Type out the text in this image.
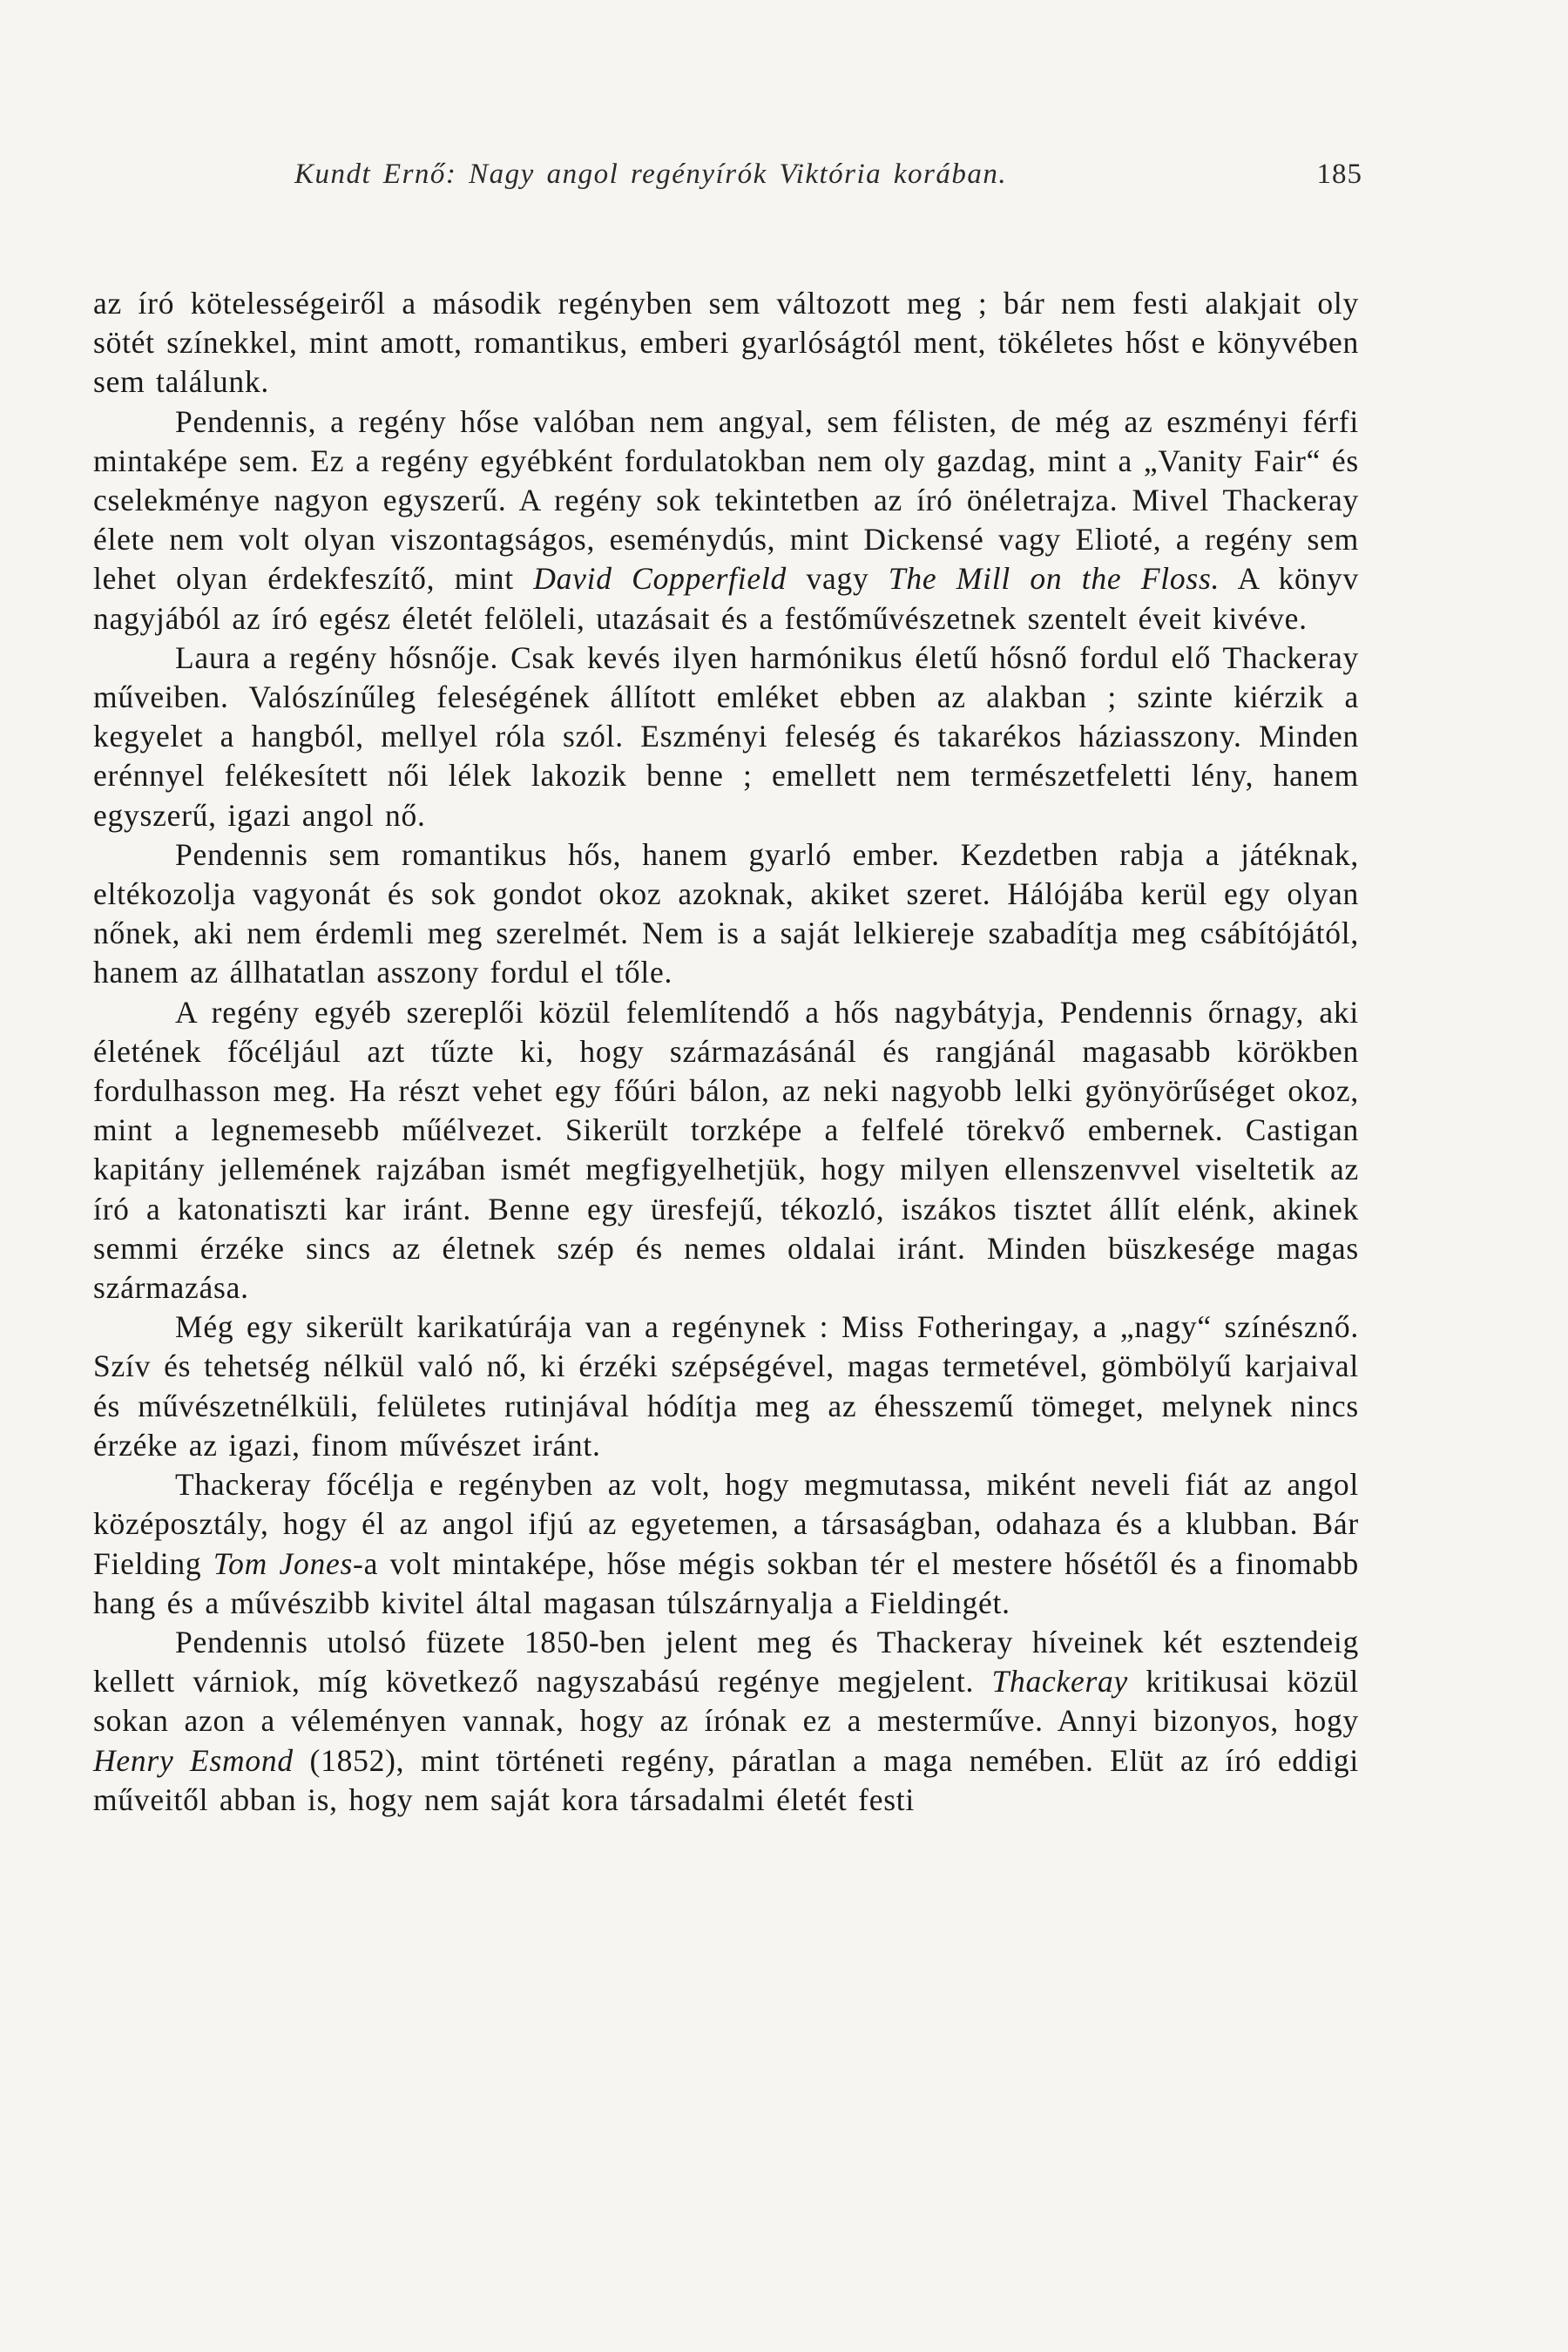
Kundt Ernő: Nagy angol regényírók Viktória korában.	185

az író kötelességeiről a második regényben sem változott meg ; bár nem festi alakjait oly sötét színekkel, mint amott, romantikus, emberi gyarlóságtól ment, tökéletes hőst e könyvében sem találunk.

Pendennis, a regény hőse valóban nem angyal, sem félisten, de még az eszményi férfi mintaképe sem. Ez a regény egyébként fordulatokban nem oly gazdag, mint a „Vanity Fair“ és cselekménye nagyon egyszerű. A regény sok tekintetben az író önéletrajza. Mivel Thackeray élete nem volt olyan viszontagságos, eseménydús, mint Dickensé vagy Elioté, a regény sem lehet olyan érdekfeszítő, mint David Copperfield vagy The Mill on the Floss. A könyv nagyjából az író egész életét felöleli, utazásait és a festőművészetnek szentelt éveit kivéve.

Laura a regény hősnője. Csak kevés ilyen harmónikus életű hősnő fordul elő Thackeray műveiben. Valószínűleg feleségének állított emléket ebben az alakban ; szinte kiérzik a kegyelet a hangból, mellyel róla szól. Eszményi feleség és takarékos háziasszony. Minden erénnyel felékesített női lélek lakozik benne ; emellett nem természetfeletti lény, hanem egyszerű, igazi angol nő.

Pendennis sem romantikus hős, hanem gyarló ember. Kezdetben rabja a játéknak, eltékozolja vagyonát és sok gondot okoz azoknak, akiket szeret. Hálójába kerül egy olyan nőnek, aki nem érdemli meg szerelmét. Nem is a saját lelkiereje szabadítja meg csábítójától, hanem az állhatatlan asszony fordul el tőle.

A regény egyéb szereplői közül felemlítendő a hős nagybátyja, Pendennis őrnagy, aki életének főcéljául azt tűzte ki, hogy származásánál és rangjánál magasabb körökben fordulhasson meg. Ha részt vehet egy főúri bálon, az neki nagyobb lelki gyönyörűséget okoz, mint a legnemesebb műélvezet. Sikerült torzképe a felfelé törekvő embernek. Castigan kapitány jellemének rajzában ismét megfigyelhetjük, hogy milyen ellenszenvvel viseltetik az író a katonatiszti kar iránt. Benne egy üresfejű, tékozló, iszákos tisztet állít elénk, akinek semmi érzéke sincs az életnek szép és nemes oldalai iránt. Minden büszkesége magas származása.

Még egy sikerült karikatúrája van a regénynek : Miss Fotheringay, a „nagy“ színésznő. Szív és tehetség nélkül való nő, ki érzéki szépségével, magas termetével, gömbölyű karjaival és művészetnélküli, felületes rutinjával hódítja meg az éhesszemű tömeget, melynek nincs érzéke az igazi, finom művészet iránt.

Thackeray főcélja e regényben az volt, hogy megmutassa, miként neveli fiát az angol középosztály, hogy él az angol ifjú az egyetemen, a társaságban, odahaza és a klubban. Bár Fielding Tom Jones-a volt mintaképe, hőse mégis sokban tér el mestere hősétől és a finomabb hang és a művészibb kivitel által magasan túlszárnyalja a Fieldingét.

Pendennis utolsó füzete 1850-ben jelent meg és Thackeray híveinek két esztendeig kellett várniok, míg következő nagyszabású regénye megjelent. Thackeray kritikusai közül sokan azon a véleményen vannak, hogy az írónak ez a mesterműve. Annyi bizonyos, hogy Henry Esmond (1852), mint történeti regény, páratlan a maga nemében. Elüt az író eddigi műveitől abban is, hogy nem saját kora társadalmi életét festi
